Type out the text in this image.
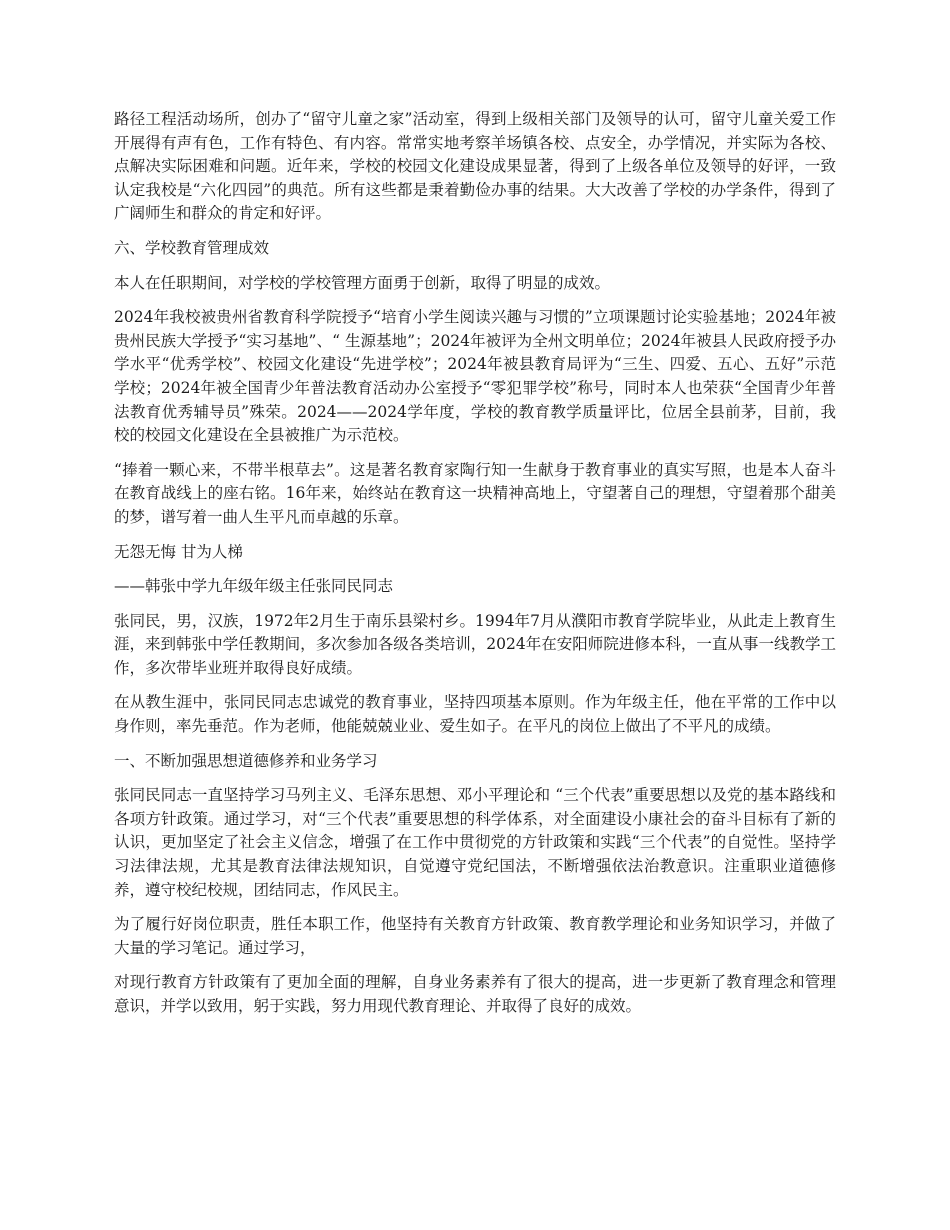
路径工程活动场所，创办了“留守儿童之家”活动室，得到上级相关部门及领导的认可，留守儿童关爱工作开展得有声有色，工作有特色、有内容。常常实地考察羊场镇各校、点安全，办学情况，并实际为各校、点解决实际困难和问题。近年来，学校的校园文化建设成果显著，得到了上级各单位及领导的好评，一致认定我校是“六化四园”的典范。所有这些都是秉着勤俭办事的结果。大大改善了学校的办学条件，得到了广阔师生和群众的肯定和好评。

六、学校教育管理成效

本人在任职期间，对学校的学校管理方面勇于创新，取得了明显的成效。

2024年我校被贵州省教育科学院授予“培育小学生阅读兴趣与习惯的”立项课题讨论实验基地；2024年被贵州民族大学授予“实习基地”、“ 生源基地”；2024年被评为全州文明单位；2024年被县人民政府授予办学水平“优秀学校”、校园文化建设“先进学校”；2024年被县教育局评为“三生、四爱、五心、五好”示范学校；2024年被全国青少年普法教育活动办公室授予“零犯罪学校”称号，同时本人也荣获“全国青少年普法教育优秀辅导员”殊荣。2024——2024学年度，学校的教育教学质量评比，位居全县前茅，目前，我校的校园文化建设在全县被推广为示范校。

“捧着一颗心来，不带半根草去”。这是著名教育家陶行知一生献身于教育事业的真实写照，也是本人奋斗在教育战线上的座右铭。16年来，始终站在教育这一块精神高地上，守望著自己的理想，守望着那个甜美的梦，谱写着一曲人生平凡而卓越的乐章。

无怨无悔 甘为人梯

——韩张中学九年级年级主任张同民同志

张同民，男，汉族，1972年2月生于南乐县梁村乡。1994年7月从濮阳市教育学院毕业，从此走上教育生涯，来到韩张中学任教期间，多次参加各级各类培训，2024年在安阳师院进修本科，一直从事一线教学工作，多次带毕业班并取得良好成绩。

在从教生涯中，张同民同志忠诚党的教育事业，坚持四项基本原则。作为年级主任，他在平常的工作中以身作则，率先垂范。作为老师，他能兢兢业业、爱生如子。在平凡的岗位上做出了不平凡的成绩。

一、不断加强思想道德修养和业务学习

张同民同志一直坚持学习马列主义、毛泽东思想、邓小平理论和 “三个代表”重要思想以及党的基本路线和各项方针政策。通过学习，对“三个代表”重要思想的科学体系，对全面建设小康社会的奋斗目标有了新的认识，更加坚定了社会主义信念，增强了在工作中贯彻党的方针政策和实践“三个代表”的自觉性。坚持学习法律法规，尤其是教育法律法规知识，自觉遵守党纪国法，不断增强依法治教意识。注重职业道德修养，遵守校纪校规，团结同志，作风民主。

为了履行好岗位职责，胜任本职工作，他坚持有关教育方针政策、教育教学理论和业务知识学习，并做了大量的学习笔记。通过学习，

对现行教育方针政策有了更加全面的理解，自身业务素养有了很大的提高，进一步更新了教育理念和管理意识，并学以致用，躬于实践，努力用现代教育理论、并取得了良好的成效。
